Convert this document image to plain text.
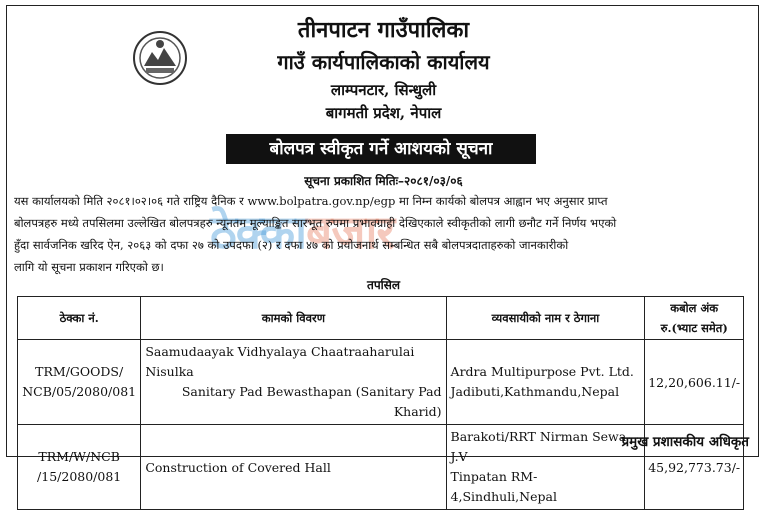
तीनपाटन गाउँपालिका
गाउँ कार्यपालिकाको कार्यालय
लाम्पनटार, सिन्धुली
बागमती प्रदेश, नेपाल
बोलपत्र स्वीकृत गर्ने आशयको सूचना
सूचना प्रकाशित मितिः–२०८१/०३/०६
ठेक्काबजार
यस कार्यालयको मिति २०८१।०२।०६ गते राष्ट्रिय दैनिक र www.bolpatra.gov.np/egp मा निम्न कार्यको बोलपत्र आह्वान भए अनुसार प्राप्त
बोलपत्रहरु मध्ये तपसिलमा उल्लेखित बोलपत्रहरु न्यूनतम मूल्याङ्कित सारभूत रुपमा प्रभावग्राही देखिएकाले स्वीकृतीको लागी छनौट गर्ने निर्णय भएको
हुँदा सार्वजनिक खरिद ऐन, २०६३ को दफा २७ को उपदफा (२) र दफा ४७ को प्रयोजनार्थ सम्बन्धित सबै बोलपत्रदाताहरुको जानकारीको
लागि यो सूचना प्रकाशन गरिएको छ।
तपसिल
ठेक्का नं.	कामको विवरण	व्यवसायीको नाम र ठेगाना	कबोल अंक
रु.(भ्याट समेत)

TRM/GOODS/
NCB/05/2080/081	Saamudaayak Vidhyalaya Chaatraaharulai Nisulka
Sanitary Pad Bewasthapan (Sanitary Pad Kharid)	Ardra Multipurpose Pvt. Ltd.
Jadibuti,Kathmandu,Nepal	12,20,606.11/-

TRM/W/NCB
/15/2080/081	Construction of Covered Hall	Barakoti/RRT Nirman Sewa J.V
Tinpatan RM-4,Sindhuli,Nepal	45,92,773.73/-
प्रमुख प्रशासकीय अधिकृत
